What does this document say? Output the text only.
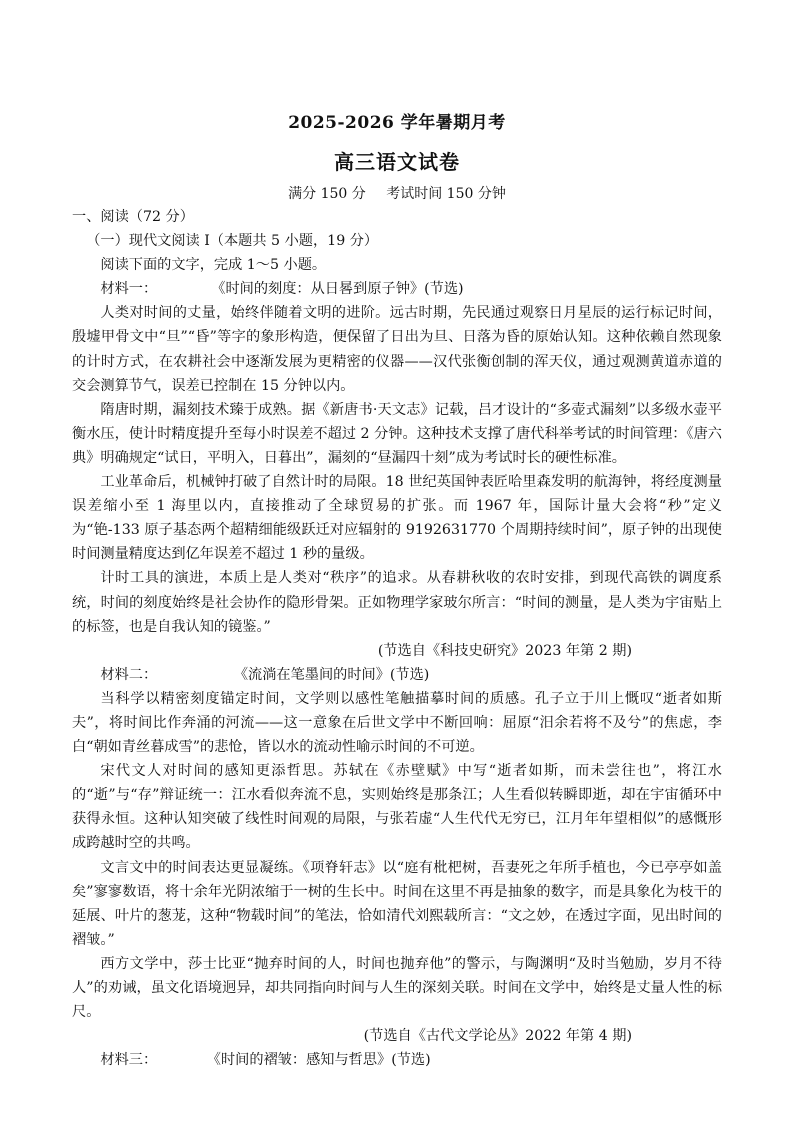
2025-2026 学年暑期月考
高三语文试卷
满分 150 分 考试时间 150 分钟

一、阅读（72 分）

（一）现代文阅读 I（本题共 5 小题，19 分）

阅读下面的文字，完成 1～5 小题。

材料一：	《时间的刻度：从日晷到原子钟》(节选)

人类对时间的丈量，始终伴随着文明的进阶。远古时期，先民通过观察日月星辰的运行标记时间，殷墟甲骨文中“旦”“昏”等字的象形构造，便保留了日出为旦、日落为昏的原始认知。这种依赖自然现象的计时方式，在农耕社会中逐渐发展为更精密的仪器——汉代张衡创制的浑天仪，通过观测黄道赤道的交会测算节气，误差已控制在 15 分钟以内。

隋唐时期，漏刻技术臻于成熟。据《新唐书·天文志》记载，吕才设计的“多壶式漏刻”以多级水壶平衡水压，使计时精度提升至每小时误差不超过 2 分钟。这种技术支撑了唐代科举考试的时间管理：《唐六典》明确规定“试日，平明入，日暮出”，漏刻的“昼漏四十刻”成为考试时长的硬性标准。

工业革命后，机械钟打破了自然计时的局限。18 世纪英国钟表匠哈里森发明的航海钟，将经度测量误差缩小至 1 海里以内，直接推动了全球贸易的扩张。而 1967 年，国际计量大会将“秒”定义为“铯-133 原子基态两个超精细能级跃迁对应辐射的 9192631770 个周期持续时间”，原子钟的出现使时间测量精度达到亿年误差不超过 1 秒的量级。

计时工具的演进，本质上是人类对“秩序”的追求。从春耕秋收的农时安排，到现代高铁的调度系统，时间的刻度始终是社会协作的隐形骨架。正如物理学家玻尔所言：“时间的测量，是人类为宇宙贴上的标签，也是自我认知的镜鉴。”

(节选自《科技史研究》2023 年第 2 期)

材料二：	《流淌在笔墨间的时间》(节选)

当科学以精密刻度锚定时间，文学则以感性笔触描摹时间的质感。孔子立于川上慨叹“逝者如斯夫”，将时间比作奔涌的河流——这一意象在后世文学中不断回响：屈原“汨余若将不及兮”的焦虑，李白“朝如青丝暮成雪”的悲怆，皆以水的流动性喻示时间的不可逆。

宋代文人对时间的感知更添哲思。苏轼在《赤壁赋》中写“逝者如斯，而未尝往也”，将江水的“逝”与“存”辩证统一：江水看似奔流不息，实则始终是那条江；人生看似转瞬即逝，却在宇宙循环中获得永恒。这种认知突破了线性时间观的局限，与张若虚“人生代代无穷已，江月年年望相似”的感慨形成跨越时空的共鸣。

文言文中的时间表达更显凝练。《项脊轩志》以“庭有枇杷树，吾妻死之年所手植也，今已亭亭如盖矣”寥寥数语，将十余年光阴浓缩于一树的生长中。时间在这里不再是抽象的数字，而是具象化为枝干的延展、叶片的葱茏，这种“物载时间”的笔法，恰如清代刘熙载所言：“文之妙，在透过字面，见出时间的褶皱。”

西方文学中，莎士比亚“抛弃时间的人，时间也抛弃他”的警示，与陶渊明“及时当勉励，岁月不待人”的劝诫，虽文化语境迥异，却共同指向时间与人生的深刻关联。时间在文学中，始终是丈量人性的标尺。

(节选自《古代文学论丛》2022 年第 4 期)

材料三：	《时间的褶皱：感知与哲思》(节选)
